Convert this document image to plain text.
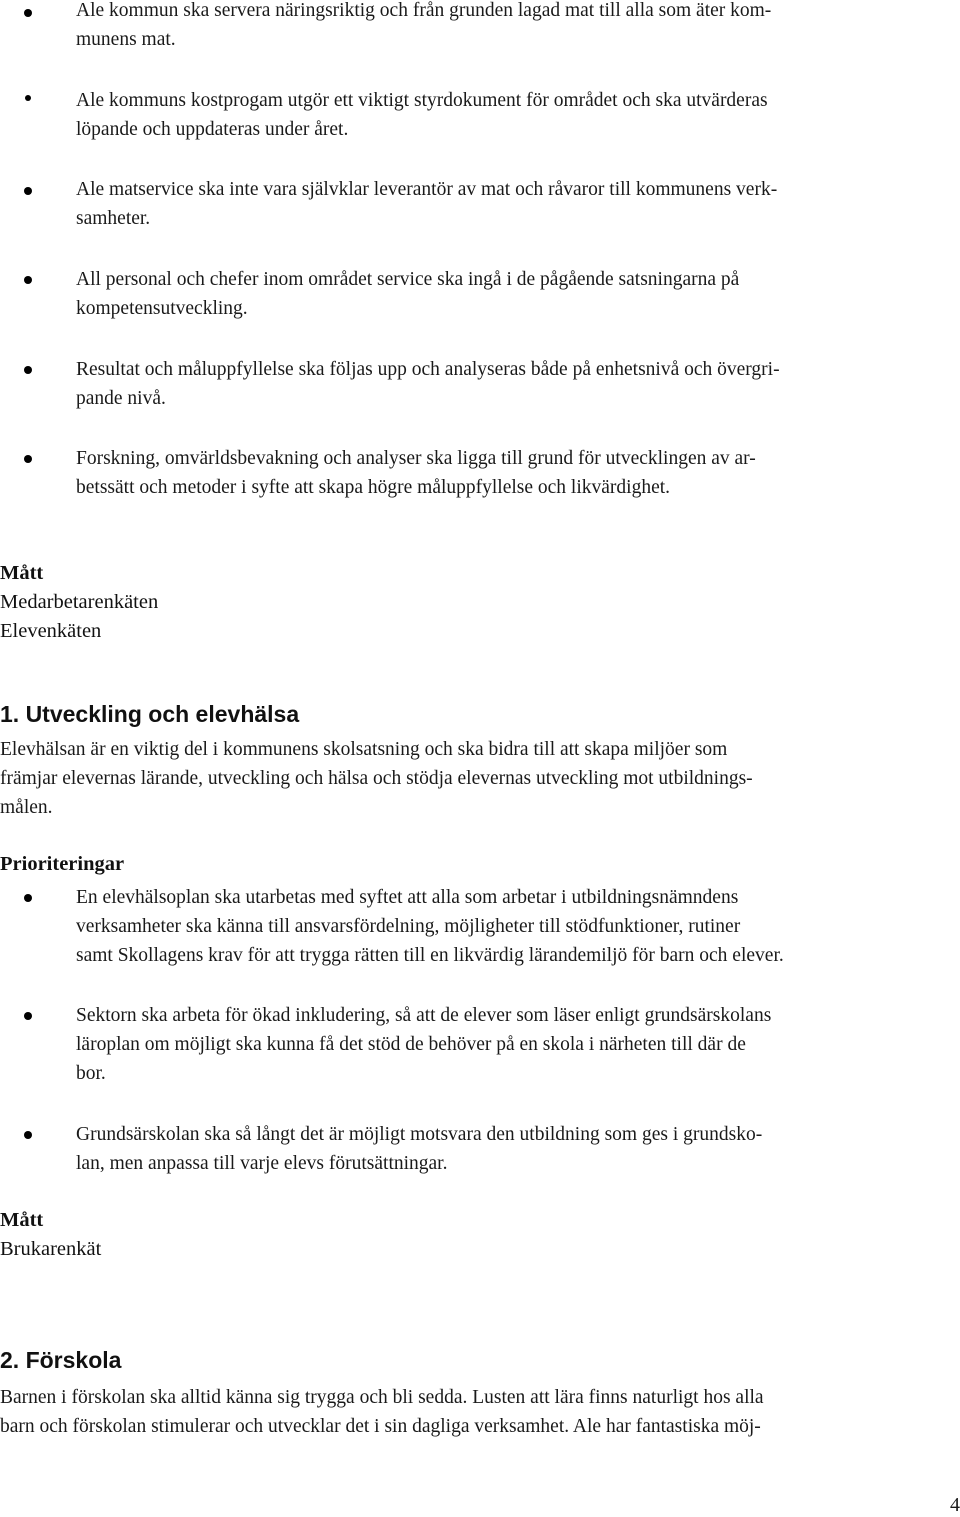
Ale kommun ska servera näringsriktig och från grunden lagad mat till alla som äter kom-
munens mat.
Ale kommuns kostprogam utgör ett viktigt styrdokument för området och ska utvärderas
löpande och uppdateras under året.
Ale matservice ska inte vara självklar leverantör av mat och råvaror till kommunens verk-
samheter.
All personal och chefer inom området service ska ingå i de pågående satsningarna på
kompetensutveckling.
Resultat och måluppfyllelse ska följas upp och analyseras både på enhetsnivå och övergri-
pande nivå.
Forskning, omvärldsbevakning och analyser ska ligga till grund för utvecklingen av ar-
betssätt och metoder i syfte att skapa högre måluppfyllelse och likvärdighet.
Mått
Medarbetarenkäten
Elevenkäten
1. Utveckling och elevhälsa
Elevhälsan är en viktig del i kommunens skolsatsning och ska bidra till att skapa miljöer som
främjar elevernas lärande, utveckling och hälsa och stödja elevernas utveckling mot utbildnings-
målen.
Prioriteringar
En elevhälsoplan ska utarbetas med syftet att alla som arbetar i utbildningsnämndens
verksamheter ska känna till ansvarsfördelning, möjligheter till stödfunktioner, rutiner
samt Skollagens krav för att trygga rätten till en likvärdig lärandemiljö för barn och elever.
Sektorn ska arbeta för ökad inkludering, så att de elever som läser enligt grundsärskolans
läroplan om möjligt ska kunna få det stöd de behöver på en skola i närheten till där de
bor.
Grundsärskolan ska så långt det är möjligt motsvara den utbildning som ges i grundsko-
lan, men anpassa till varje elevs förutsättningar.
Mått
Brukarenkät
2. Förskola
Barnen i förskolan ska alltid känna sig trygga och bli sedda. Lusten att lära finns naturligt hos alla
barn och förskolan stimulerar och utvecklar det i sin dagliga verksamhet. Ale har fantastiska möj-
4
